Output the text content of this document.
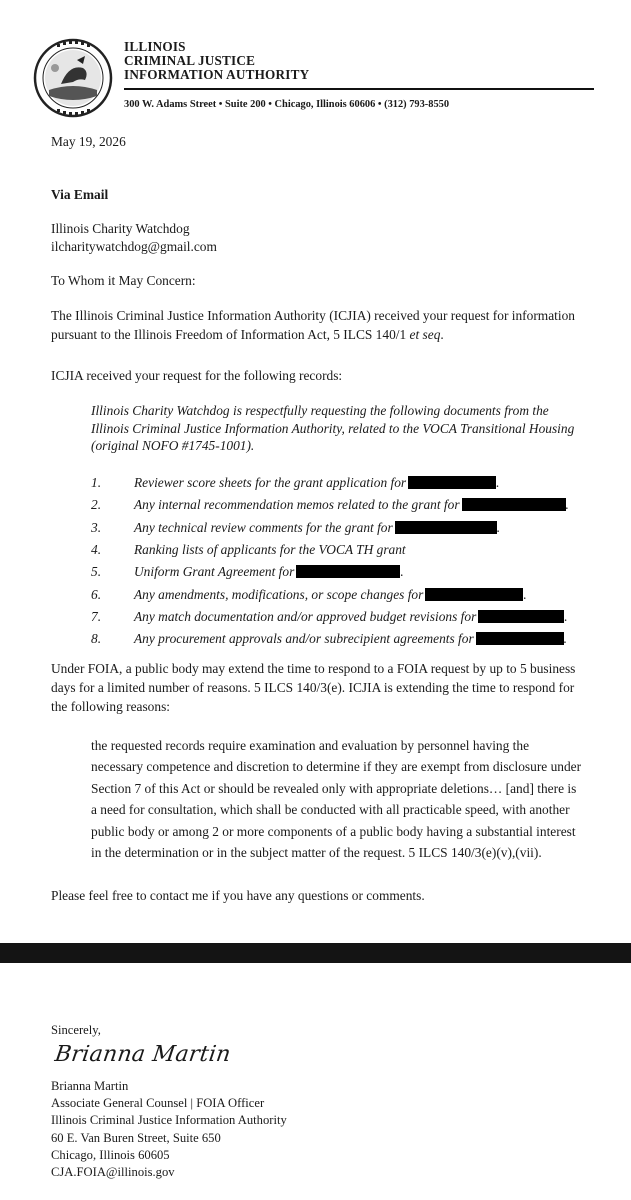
ILLINOIS
CRIMINAL JUSTICE
INFORMATION AUTHORITY
300 W. Adams Street • Suite 200 • Chicago, Illinois 60606 • (312) 793-8550
May 19, 2026
Via Email
Illinois Charity Watchdog
ilcharitywatchdog@gmail.com
To Whom it May Concern:
The Illinois Criminal Justice Information Authority (ICJIA) received your request for information
pursuant to the Illinois Freedom of Information Act, 5 ILCS 140/1 et seq.
ICJIA received your request for the following records:
Illinois Charity Watchdog is respectfully requesting the following documents from the
Illinois Criminal Justice Information Authority, related to the VOCA Transitional Housing
(original NOFO #1745-1001).
1. Reviewer score sheets for the grant application for	.
2. Any internal recommendation memos related to the grant for	.
3. Any technical review comments for the grant for	.
4. Ranking lists of applicants for the VOCA TH grant
5. Uniform Grant Agreement for	.
6. Any amendments, modifications, or scope changes for	.
7. Any match documentation and/or approved budget revisions for	.
8. Any procurement approvals and/or subrecipient agreements for	.
Under FOIA, a public body may extend the time to respond to a FOIA request by up to 5 business
days for a limited number of reasons. 5 ILCS 140/3(e). ICJIA is extending the time to respond for
the following reasons:
the requested records require examination and evaluation by personnel having the
necessary competence and discretion to determine if they are exempt from disclosure under
Section 7 of this Act or should be revealed only with appropriate deletions… [and] there is
a need for consultation, which shall be conducted with all practicable speed, with another
public body or among 2 or more components of a public body having a substantial interest
in the determination or in the subject matter of the request. 5 ILCS 140/3(e)(v),(vii).
Please feel free to contact me if you have any questions or comments.
Sincerely,
Brianna Martin
Brianna Martin
Associate General Counsel | FOIA Officer
Illinois Criminal Justice Information Authority
60 E. Van Buren Street, Suite 650
Chicago, Illinois 60605
CJA.FOIA@illinois.gov
